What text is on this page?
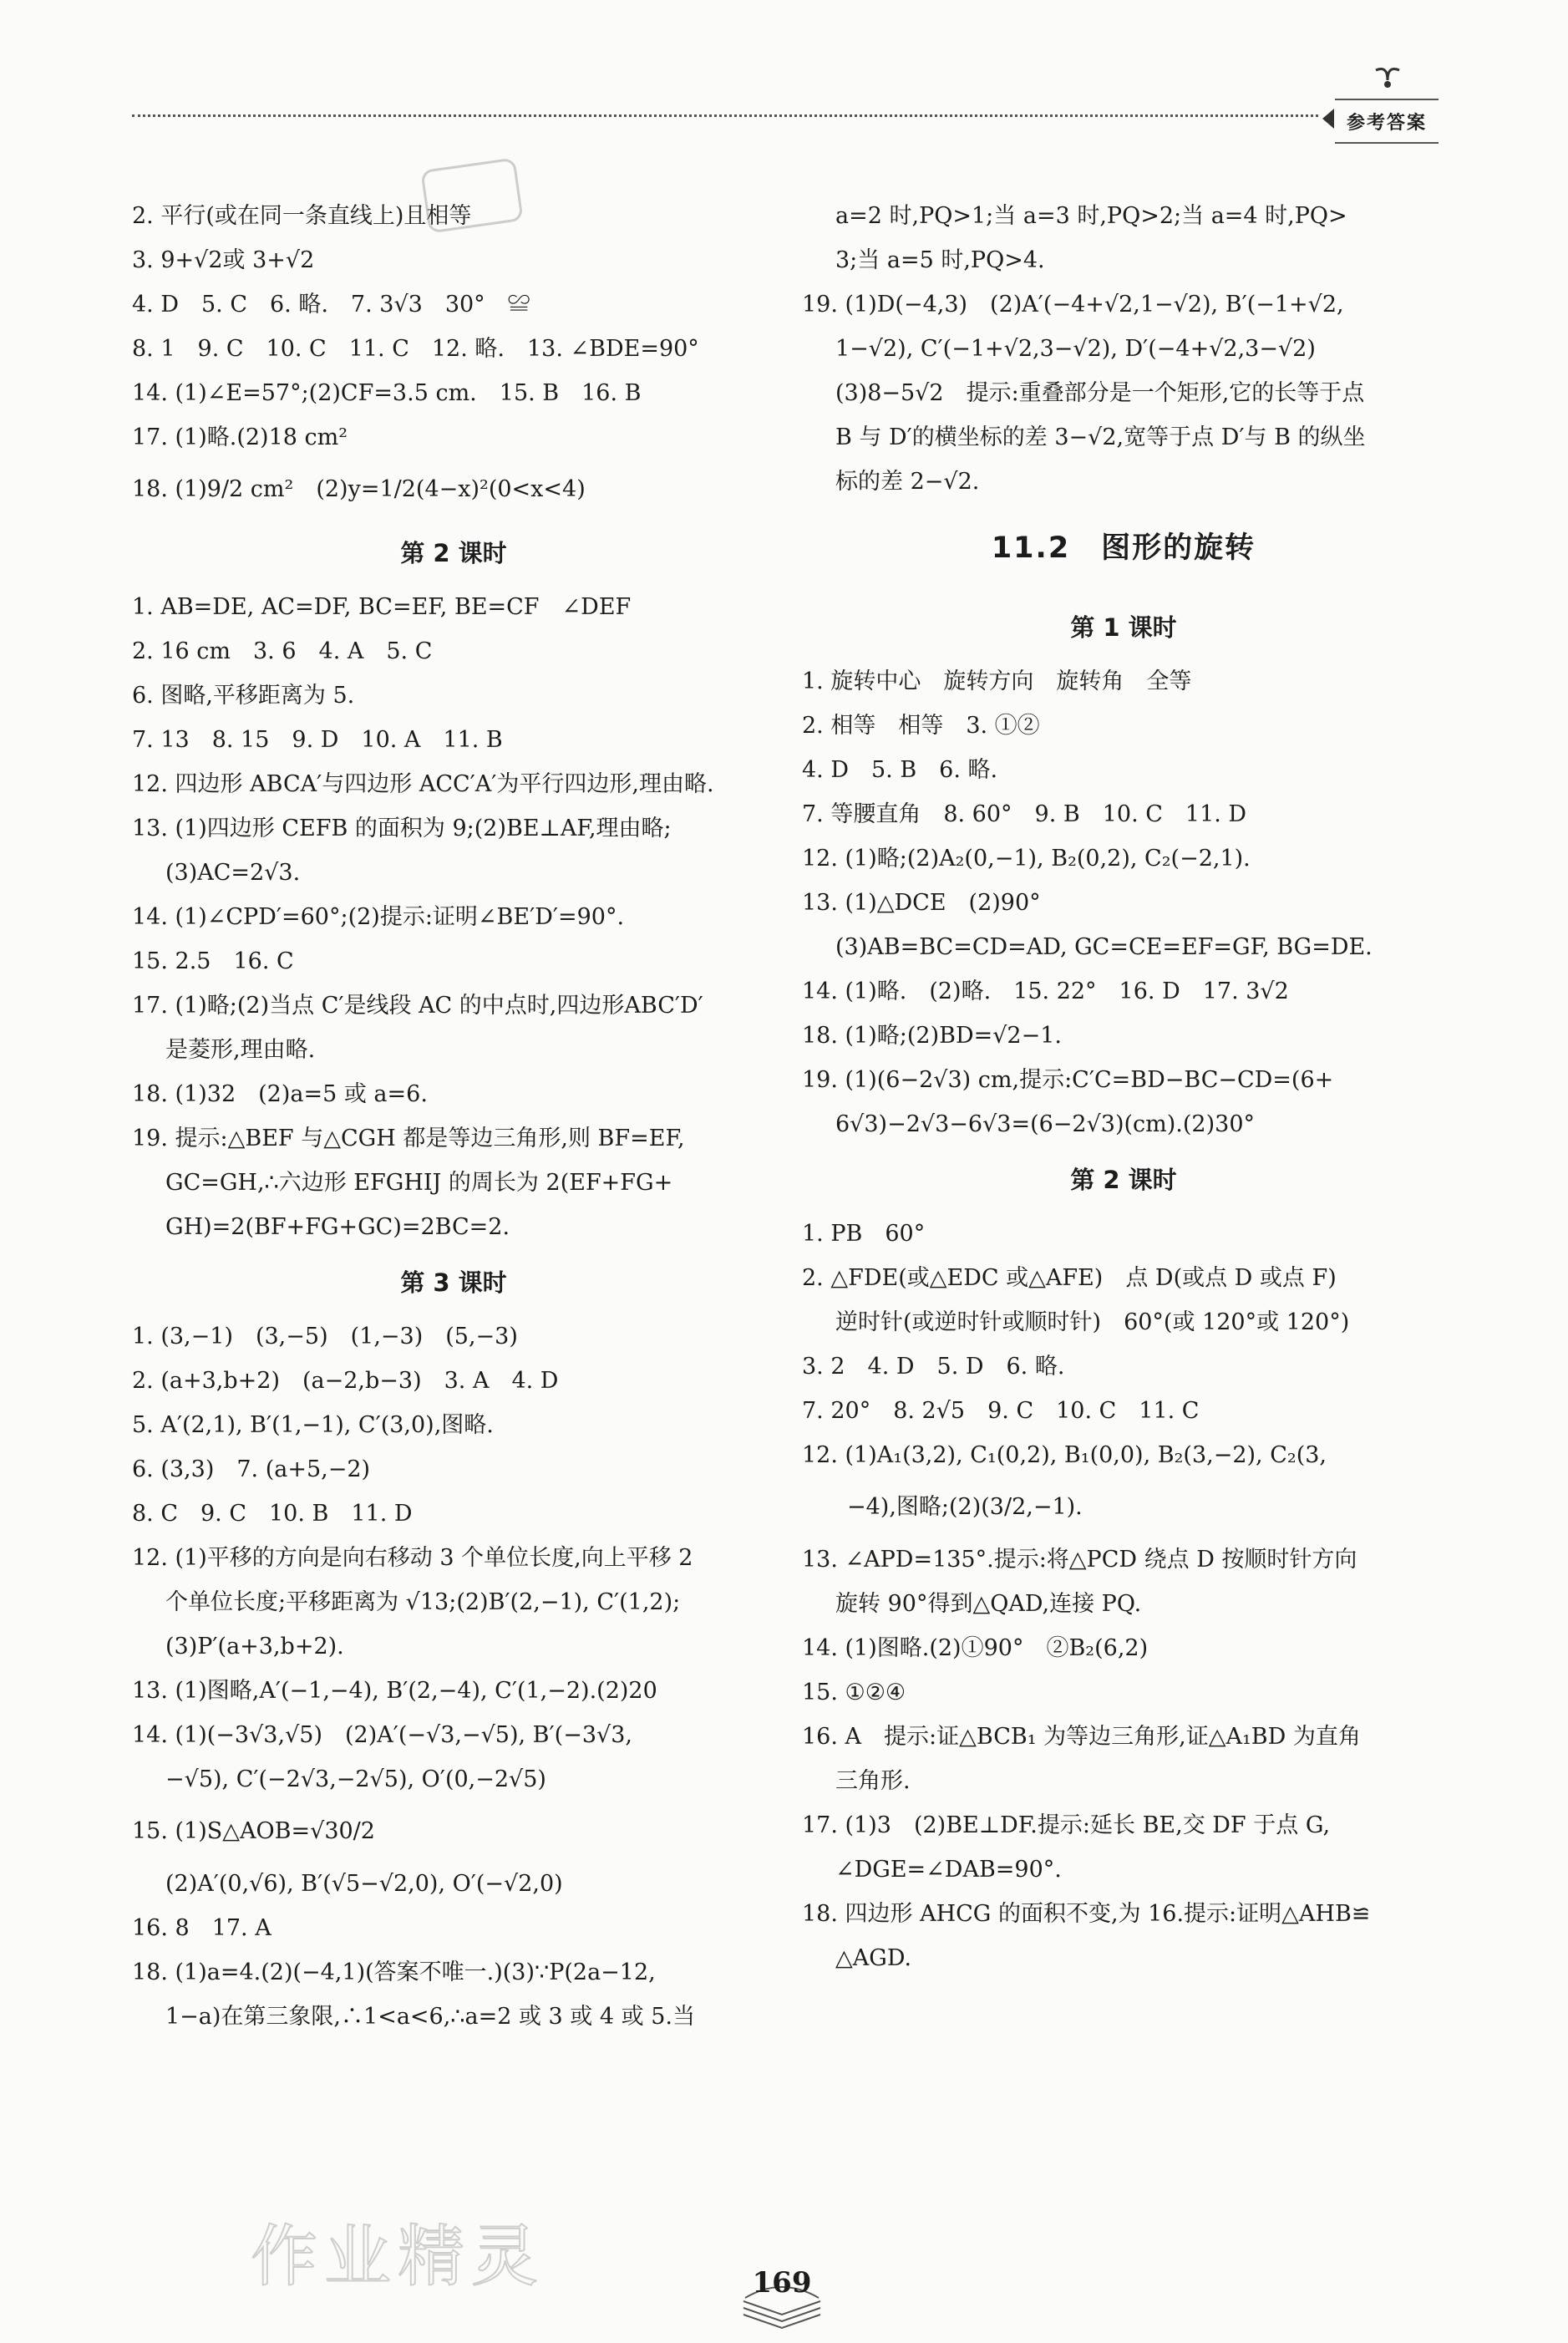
参考答案
2. 平行(或在同一条直线上)且相等
3. 9+√2或 3+√2
4. D　5. C　6. 略.　7. 3√3　30°　≌
8. 1　9. C　10. C　11. C　12. 略.　13. ∠BDE=90°
14. (1)∠E=57°;(2)CF=3.5 cm.　15. B　16. B
17. (1)略.(2)18 cm²
18. (1)9/2 cm²　(2)y=1/2(4−x)²(0<x<4)
第 2 课时
1. AB=DE, AC=DF, BC=EF, BE=CF　∠DEF
2. 16 cm　3. 6　4. A　5. C
6. 图略,平移距离为 5.
7. 13　8. 15　9. D　10. A　11. B
12. 四边形 ABCA′与四边形 ACC′A′为平行四边形,理由略.
13. (1)四边形 CEFB 的面积为 9;(2)BE⊥AF,理由略;
(3)AC=2√3.
14. (1)∠CPD′=60°;(2)提示:证明∠BE′D′=90°.
15. 2.5　16. C
17. (1)略;(2)当点 C′是线段 AC 的中点时,四边形ABC′D′
是菱形,理由略.
18. (1)32　(2)a=5 或 a=6.
19. 提示:△BEF 与△CGH 都是等边三角形,则 BF=EF,
GC=GH,∴六边形 EFGHIJ 的周长为 2(EF+FG+
GH)=2(BF+FG+GC)=2BC=2.
第 3 课时
1. (3,−1)　(3,−5)　(1,−3)　(5,−3)
2. (a+3,b+2)　(a−2,b−3)　3. A　4. D
5. A′(2,1), B′(1,−1), C′(3,0),图略.
6. (3,3)　7. (a+5,−2)
8. C　9. C　10. B　11. D
12. (1)平移的方向是向右移动 3 个单位长度,向上平移 2
个单位长度;平移距离为 √13;(2)B′(2,−1), C′(1,2);
(3)P′(a+3,b+2).
13. (1)图略,A′(−1,−4), B′(2,−4), C′(1,−2).(2)20
14. (1)(−3√3,√5)　(2)A′(−√3,−√5), B′(−3√3,
−√5), C′(−2√3,−2√5), O′(0,−2√5)
15. (1)S△AOB=√30/2
(2)A′(0,√6), B′(√5−√2,0), O′(−√2,0)
16. 8　17. A
18. (1)a=4.(2)(−4,1)(答案不唯一.)(3)∵P(2a−12,
1−a)在第三象限,∴1<a<6,∴a=2 或 3 或 4 或 5.当
a=2 时,PQ>1;当 a=3 时,PQ>2;当 a=4 时,PQ>
3;当 a=5 时,PQ>4.
19. (1)D(−4,3)　(2)A′(−4+√2,1−√2), B′(−1+√2,
1−√2), C′(−1+√2,3−√2), D′(−4+√2,3−√2)
(3)8−5√2　提示:重叠部分是一个矩形,它的长等于点
B 与 D′的横坐标的差 3−√2,宽等于点 D′与 B 的纵坐
标的差 2−√2.
11.2　图形的旋转
第 1 课时
1. 旋转中心　旋转方向　旋转角　全等
2. 相等　相等　3. ①②
4. D　5. B　6. 略.
7. 等腰直角　8. 60°　9. B　10. C　11. D
12. (1)略;(2)A₂(0,−1), B₂(0,2), C₂(−2,1).
13. (1)△DCE　(2)90°
(3)AB=BC=CD=AD, GC=CE=EF=GF, BG=DE.
14. (1)略.　(2)略.　15. 22°　16. D　17. 3√2
18. (1)略;(2)BD=√2−1.
19. (1)(6−2√3) cm,提示:C′C=BD−BC−CD=(6+
6√3)−2√3−6√3=(6−2√3)(cm).(2)30°
第 2 课时
1. PB　60°
2. △FDE(或△EDC 或△AFE)　点 D(或点 D 或点 F)
逆时针(或逆时针或顺时针)　60°(或 120°或 120°)
3. 2　4. D　5. D　6. 略.
7. 20°　8. 2√5　9. C　10. C　11. C
12. (1)A₁(3,2), C₁(0,2), B₁(0,0), B₂(3,−2), C₂(3,
　　−4),图略;(2)(3/2,−1).
13. ∠APD=135°.提示:将△PCD 绕点 D 按顺时针方向
旋转 90°得到△QAD,连接 PQ.
14. (1)图略.(2)①90°　②B₂(6,2)
15. ①②④
16. A　提示:证△BCB₁ 为等边三角形,证△A₁BD 为直角
三角形.
17. (1)3　(2)BE⊥DF.提示:延长 BE,交 DF 于点 G,
∠DGE=∠DAB=90°.
18. 四边形 AHCG 的面积不变,为 16.提示:证明△AHB≌
△AGD.
169
作业精灵
